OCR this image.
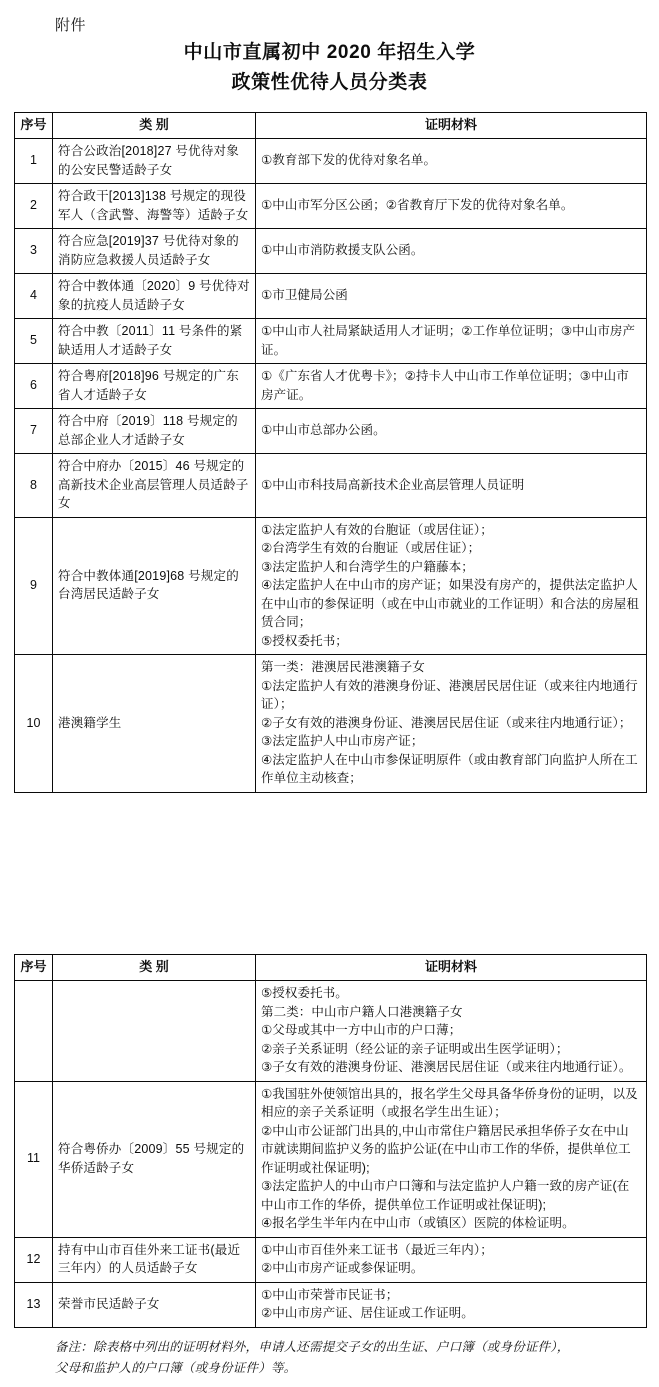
附件
中山市直属初中 2020 年招生入学
政策性优待人员分类表
序号	类 别	证明材料
1	符合公政治[2018]27 号优待对象的公安民警适龄子女	①教育部下发的优待对象名单。

2	符合政干[2013]138 号规定的现役军人（含武警、海警等）适龄子女	①中山市军分区公函；②省教育厅下发的优待对象名单。

3	符合应急[2019]37 号优待对象的消防应急救援人员适龄子女	①中山市消防救援支队公函。

4	符合中教体通〔2020〕9 号优待对象的抗疫人员适龄子女	①市卫健局公函

5	符合中教〔2011〕11 号条件的紧缺适用人才适龄子女	①中山市人社局紧缺适用人才证明；②工作单位证明；③中山市房产证。

6	符合粤府[2018]96 号规定的广东省人才适龄子女	①《广东省人才优粤卡》；②持卡人中山市工作单位证明；③中山市房产证。

7	符合中府〔2019〕118 号规定的总部企业人才适龄子女	①中山市总部办公函。

8	符合中府办〔2015〕46 号规定的高新技术企业高层管理人员适龄子女	①中山市科技局高新技术企业高层管理人员证明

9	符合中教体通[2019]68 号规定的台湾居民适龄子女	①法定监护人有效的台胞证（或居住证）；
②台湾学生有效的台胞证（或居住证）；
③法定监护人和台湾学生的户籍藤本；
④法定监护人在中山市的房产证；如果没有房产的，提供法定监护人在中山市的参保证明（或在中山市就业的工作证明）和合法的房屋租赁合同；
⑤授权委托书；

10	港澳籍学生	第一类：港澳居民港澳籍子女
①法定监护人有效的港澳身份证、港澳居民居住证（或来往内地通行证）；
②子女有效的港澳身份证、港澳居民居住证（或来往内地通行证）；
③法定监护人中山市房产证；
④法定监护人在中山市参保证明原件（或由教育部门向监护人所在工作单位主动核查；
序号	类 别	证明材料

		⑤授权委托书。
第二类：中山市户籍人口港澳籍子女
①父母或其中一方中山市的户口薄；
②亲子关系证明（经公证的亲子证明或出生医学证明）；
③子女有效的港澳身份证、港澳居民居住证（或来往内地通行证）。

11	符合粤侨办〔2009〕55 号规定的华侨适龄子女	①我国驻外使领馆出具的，报名学生父母具备华侨身份的证明，以及相应的亲子关系证明（或报名学生出生证）；
②中山市公证部门出具的,中山市常住户籍居民承担华侨子女在中山市就读期间监护义务的监护公证(在中山市工作的华侨，提供单位工作证明或社保证明);
③法定监护人的中山市户口簿和与法定监护人户籍一致的房产证(在中山市工作的华侨，提供单位工作证明或社保证明);
④报名学生半年内在中山市（或镇区）医院的体检证明。

12	持有中山市百佳外来工证书(最近三年内）的人员适龄子女	①中山市百佳外来工证书（最近三年内）；
②中山市房产证或参保证明。

13	荣誉市民适龄子女	①中山市荣誉市民证书；
②中山市房产证、居住证或工作证明。
备注：除表格中列出的证明材料外，申请人还需提交子女的出生证、户口簿（或身份证件），
父母和监护人的户口簿（或身份证件）等。
